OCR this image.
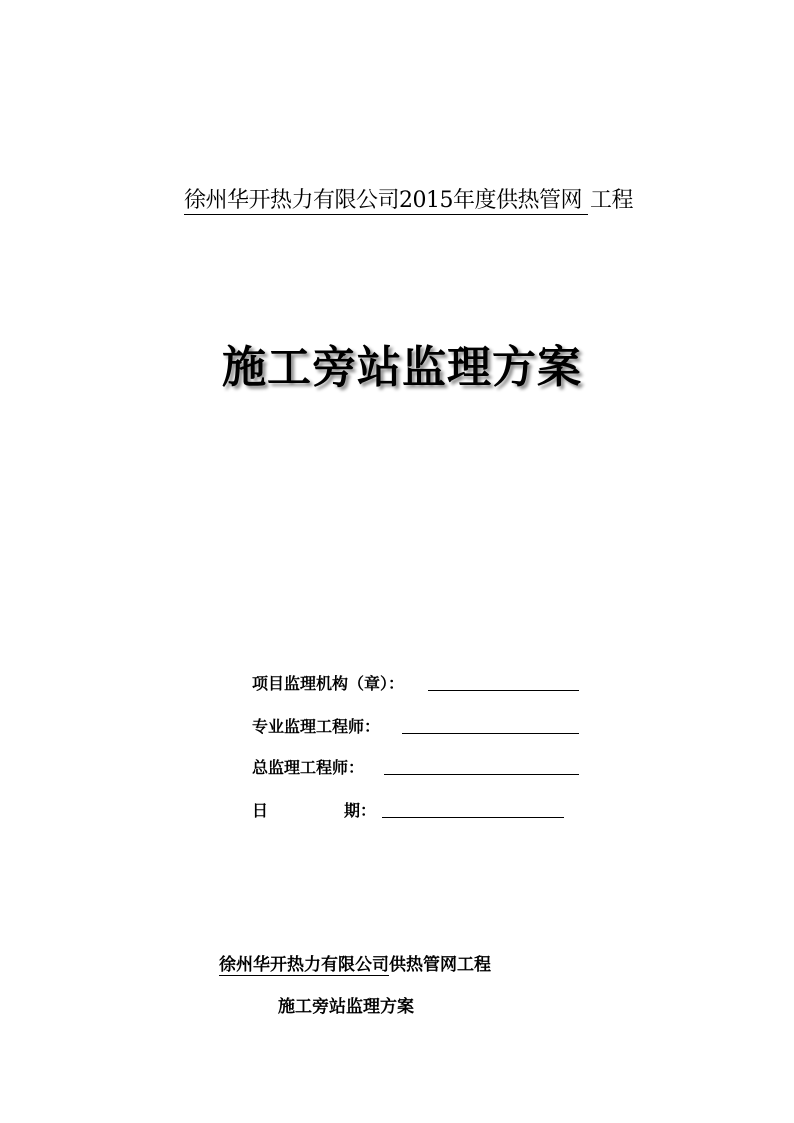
徐州华开热力有限公司2015年度供热管网 工程
施工旁站监理方案
项目监理机构（章）：
专业监理工程师：
总监理工程师：
日	期：
徐州华开热力有限公司供热管网工程
施工旁站监理方案
